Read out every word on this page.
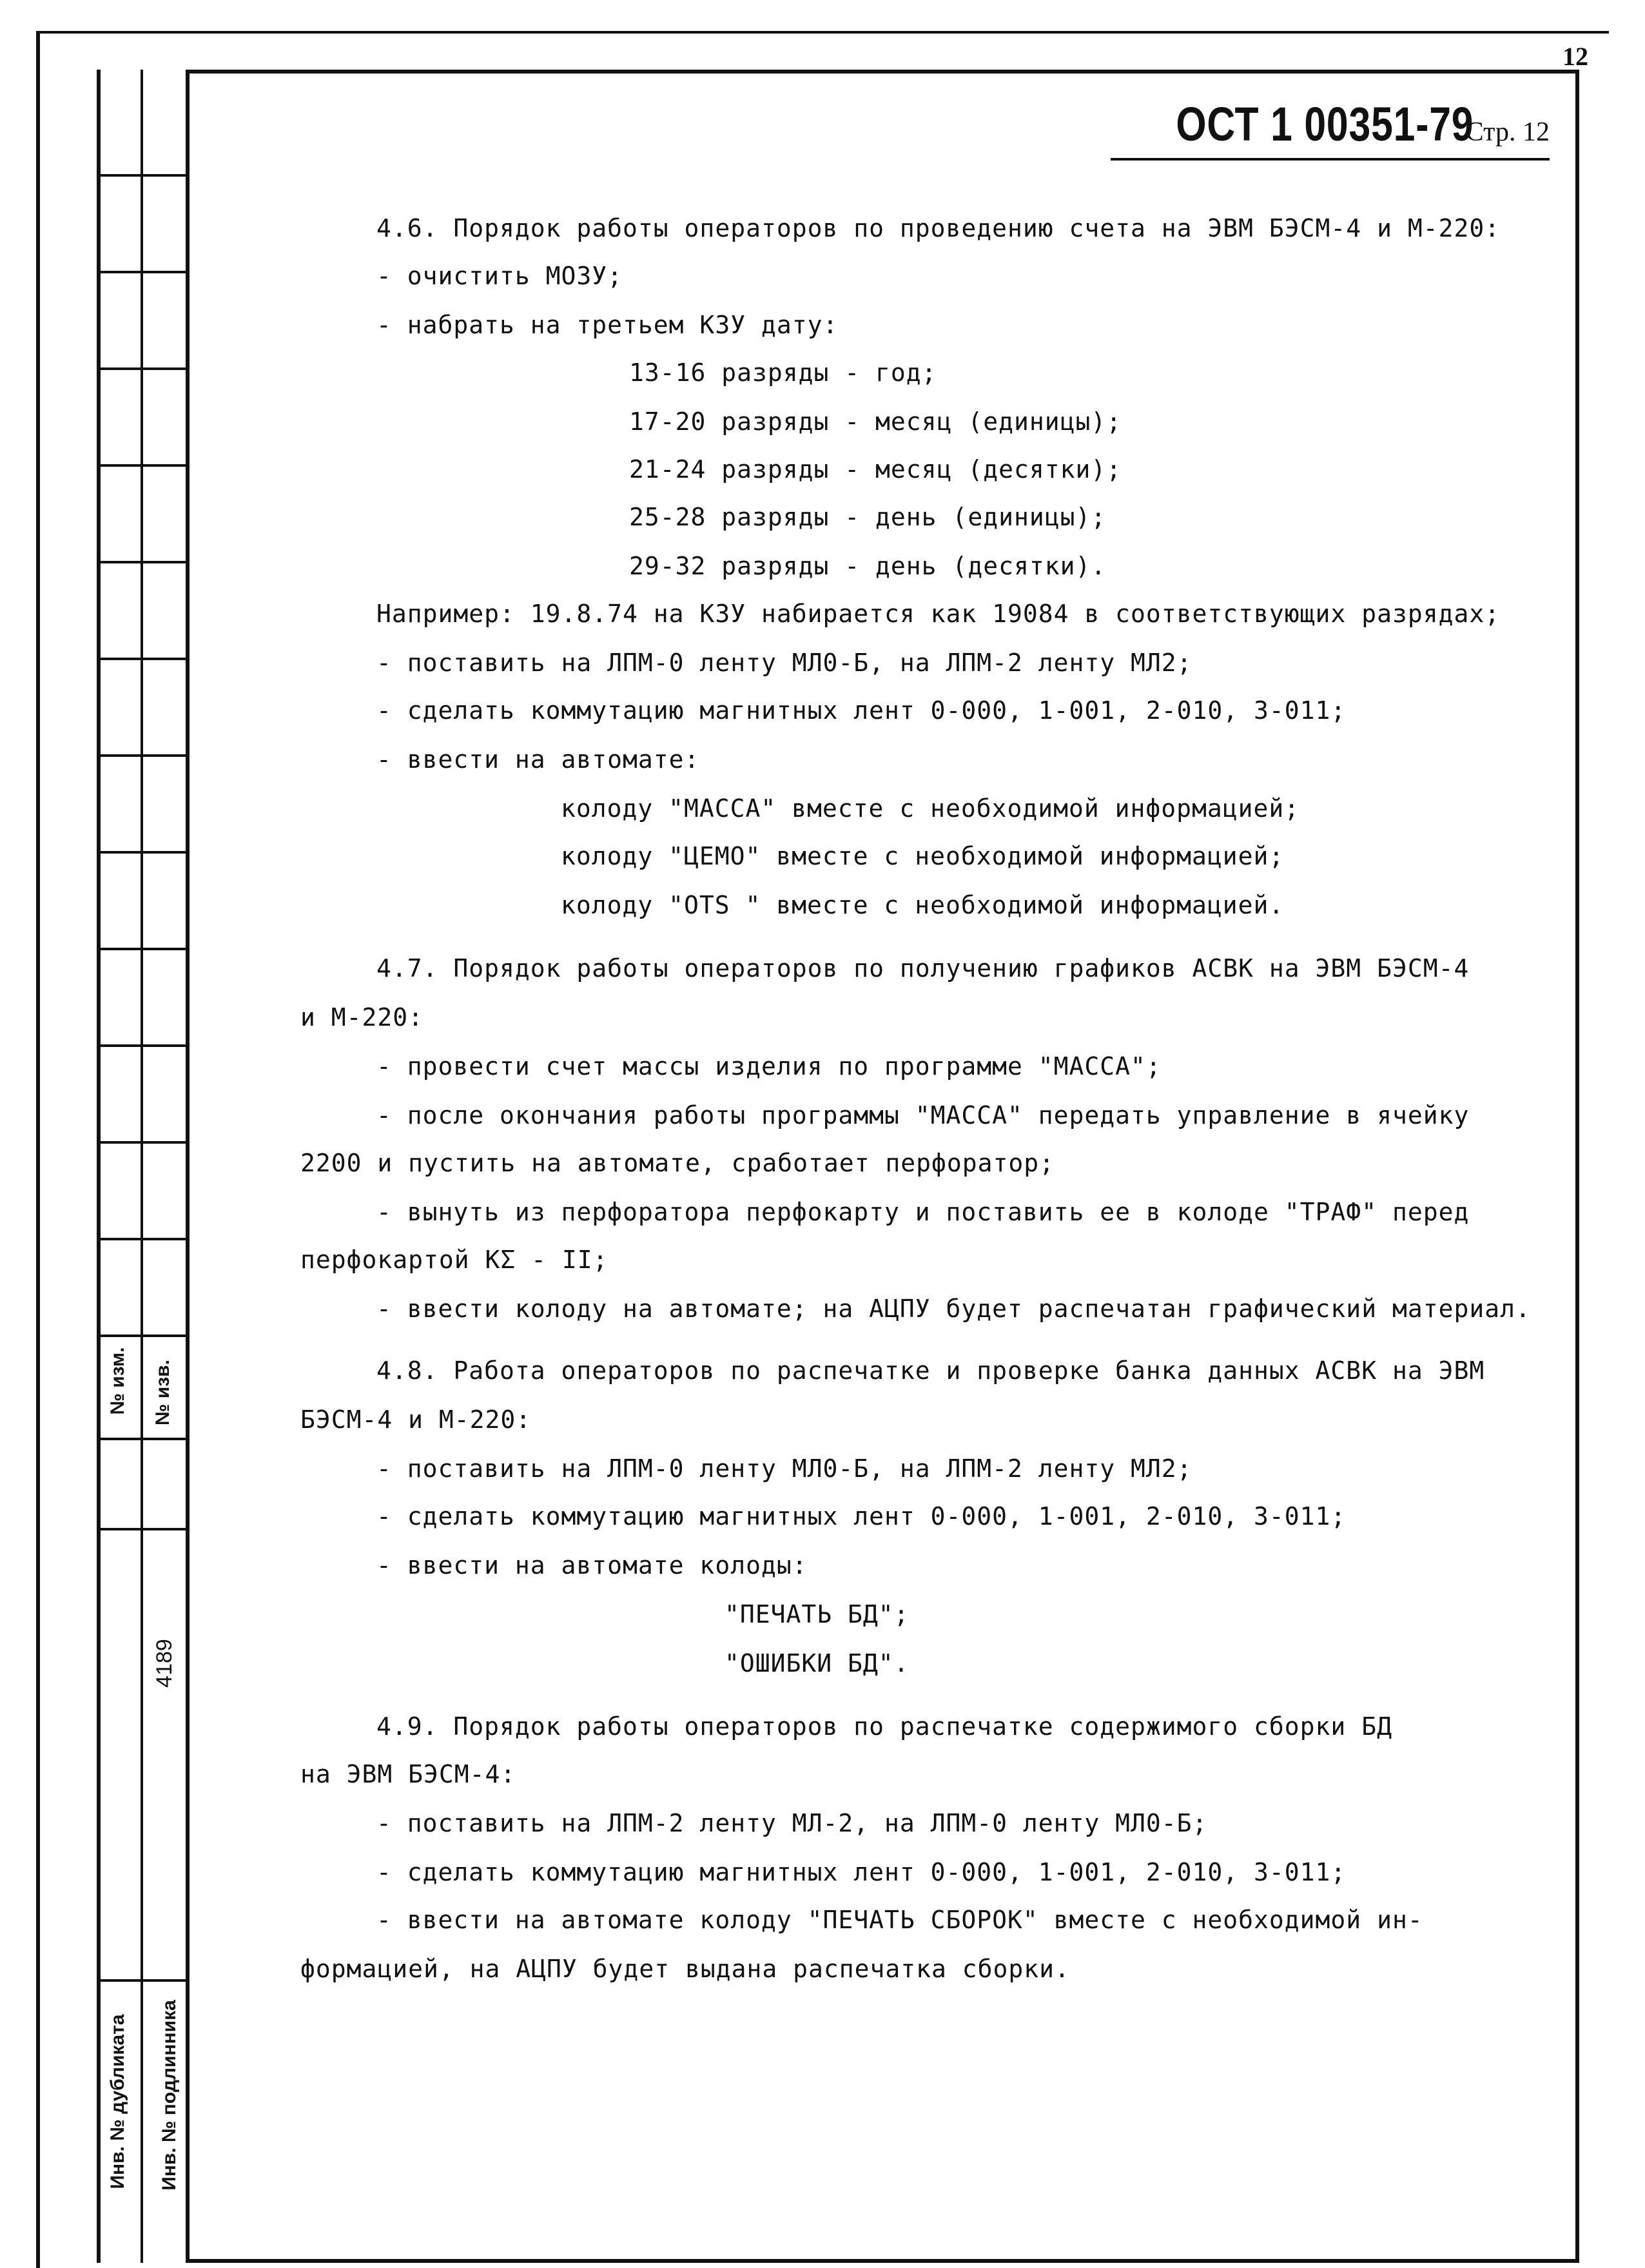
№ изм. № изв.
4189
Инв. № дубликата Инв. № подлинника
12
ОСТ 1 00351-79 Стр. 12
4.6. Порядок работы операторов по проведению счета на ЭВМ БЭСМ-4 и М-220:
- очистить МОЗУ;
- набрать на третьем КЗУ дату:
13-16 разряды - год;
17-20 разряды - месяц (единицы);
21-24 разряды - месяц (десятки);
25-28 разряды - день (единицы);
29-32 разряды - день (десятки).
Например: 19.8.74 на КЗУ набирается как 19084 в соответствующих разрядах;
- поставить на ЛПМ-0 ленту МЛ0-Б, на ЛПМ-2 ленту МЛ2;
- сделать коммутацию магнитных лент 0-000, 1-001, 2-010, 3-011;
- ввести на автомате:
колоду "МАССА" вместе с необходимой информацией;
колоду "ЦЕМО" вместе с необходимой информацией;
колоду "OTS " вместе с необходимой информацией.
4.7. Порядок работы операторов по получению графиков АСВК на ЭВМ БЭСМ-4
и М-220:
- провести счет массы изделия по программе "МАССА";
- после окончания работы программы "МАССА" передать управление в ячейку
2200 и пустить на автомате, сработает перфоратор;
- вынуть из перфоратора перфокарту и поставить ее в колоде "ТРАФ" перед
перфокартой КΣ - II;
- ввести колоду на автомате; на АЦПУ будет распечатан графический материал.
4.8. Работа операторов по распечатке и проверке банка данных АСВК на ЭВМ
БЭСМ-4 и М-220:
- поставить на ЛПМ-0 ленту МЛ0-Б, на ЛПМ-2 ленту МЛ2;
- сделать коммутацию магнитных лент 0-000, 1-001, 2-010, 3-011;
- ввести на автомате колоды:
"ПЕЧАТЬ БД";
"ОШИБКИ БД".
4.9. Порядок работы операторов по распечатке содержимого сборки БД
на ЭВМ БЭСМ-4:
- поставить на ЛПМ-2 ленту МЛ-2, на ЛПМ-0 ленту МЛ0-Б;
- сделать коммутацию магнитных лент 0-000, 1-001, 2-010, 3-011;
- ввести на автомате колоду "ПЕЧАТЬ СБОРОК" вместе с необходимой ин-
формацией, на АЦПУ будет выдана распечатка сборки.
